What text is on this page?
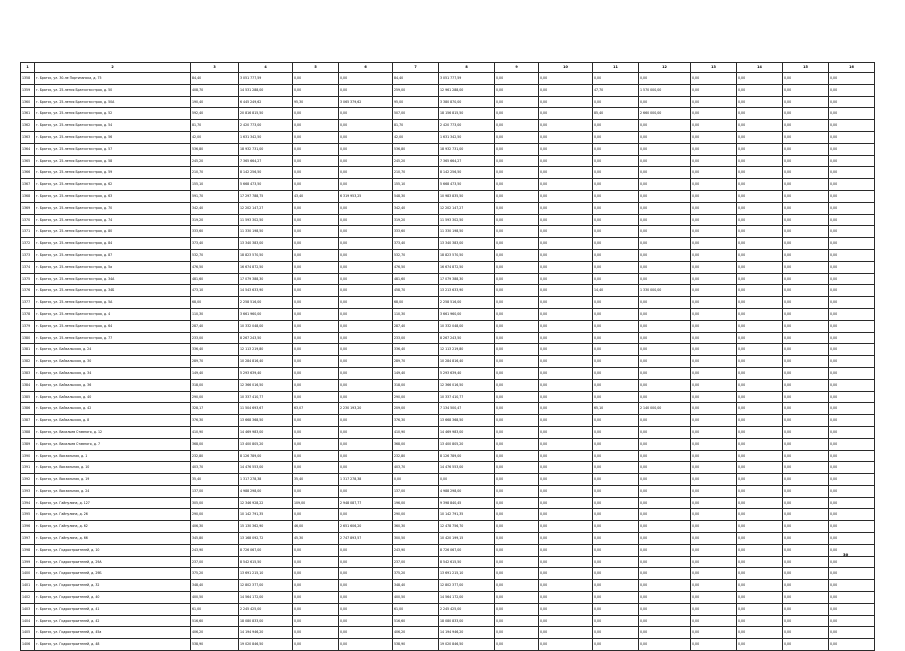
1	2	3	4	5	6	7	8	9	10	11	12	13	14	15	16
1358	г. Братск, ул. 30-ле Партизанска, д. 75	84,40	3 051 777,59	0,00	0,00	84,40	3 051 777,59	0,00	0,00	0,00	0,00	0,00	0,00	0,00	0,00
1359	г. Братск, ул. 25-летия Братскгэсстроя, д. 50	408,70	14 531 288,00	0,00	0,00	259,00	12 961 288,00	0,00	0,00	47,70	1 570 000,00	0,00	0,00	0,00	0,00
1360	г. Братск, ул. 25-летия Братскгэсстроя, д. 50А	190,40	6 445 249,62	95,30	3 065 379,62	95,00	3 380 870,00	0,00	0,00	0,00	0,00	0,00	0,00	0,00	0,00
1361	г. Братск, ул. 25-летия Братскгэсстроя, д. 52	592,40	20 816 815,50	0,00	0,00	507,00	18 156 815,50	0,00	0,00	85,40	2 660 000,00	0,00	0,00	0,00	0,00
1362	г. Братск, ул. 25-летия Братскгэсстроя, д. 54	81,70	2 420 773,00	0,00	0,00	81,70	2 420 773,00	0,00	0,00	0,00	0,00	0,00	0,00	0,00	0,00
1363	г. Братск, ул. 25-летия Братскгэсстроя, д. 56	42,00	1 631 342,50	0,00	0,00	42,00	1 631 342,50	0,00	0,00	0,00	0,00	0,00	0,00	0,00	0,00
1364	г. Братск, ул. 25-летия Братскгэсстроя, д. 57	536,80	18 932 731,00	0,00	0,00	536,80	18 932 731,00	0,00	0,00	0,00	0,00	0,00	0,00	0,00	0,00
1365	г. Братск, ул. 25-летия Братскгэсстроя, д. 58	245,20	7 365 664,27	0,00	0,00	245,20	7 365 664,27	0,00	0,00	0,00	0,00	0,00	0,00	0,00	0,00
1366	г. Братск, ул. 25-летия Братскгэсстроя, д. 59	210,70	8 142 256,50	0,00	0,00	210,70	8 142 256,50	0,00	0,00	0,00	0,00	0,00	0,00	0,00	0,00
1367	г. Братск, ул. 25-летия Братскгэсстроя, д. 62	155,10	5 668 473,50	0,00	0,00	155,10	5 668 473,50	0,00	0,00	0,00	0,00	0,00	0,00	0,00	0,00
1368	г. Братск, ул. 25-летия Братскгэсстроя, д. 63	591,70	17 297 788,75	43,40	6 319 953,25	548,30	10 983 835,50	0,00	0,00	0,00	0,00	0,00	0,00	0,00	0,00
1369	г. Братск, ул. 25-летия Братскгэсстроя, д. 70	342,40	12 202 147,27	0,00	0,00	342,40	12 202 147,27	0,00	0,00	0,00	0,00	0,00	0,00	0,00	0,00
1370	г. Братск, ул. 25-летия Братскгэсстроя, д. 74	319,20	11 593 302,50	0,00	0,00	319,20	11 593 302,50	0,00	0,00	0,00	0,00	0,00	0,00	0,00	0,00
1371	г. Братск, ул. 25-летия Братскгэсстроя, д. 80	333,60	11 330 198,50	0,00	0,00	333,60	11 330 198,50	0,00	0,00	0,00	0,00	0,00	0,00	0,00	0,00
1372	г. Братск, ул. 25-летия Братскгэсстроя, д. 84	373,40	13 340 383,00	0,00	0,00	373,40	13 340 383,00	0,00	0,00	0,00	0,00	0,00	0,00	0,00	0,00
1373	г. Братск, ул. 25-летия Братскгэсстроя, д. 87	532,70	18 823 570,50	0,00	0,00	532,70	18 823 570,50	0,00	0,00	0,00	0,00	0,00	0,00	0,00	0,00
1374	г. Братск, ул. 25-летия Братскгэсстроя, д. 5а	476,50	16 674 872,50	0,00	0,00	476,50	16 674 872,50	0,00	0,00	0,00	0,00	0,00	0,00	0,00	0,00
1375	г. Братск, ул. 25-летия Братскгэсстроя, д. 34А	481,60	17 079 388,30	0,00	0,00	481,60	17 079 388,30	0,00	0,00	0,00	0,00	0,00	0,00	0,00	0,00
1376	г. Братск, ул. 25-летия Братскгэсстроя, д. 34Б	473,10	14 543 633,90	0,00	0,00	458,70	13 213 633,90	0,00	0,00	14,40	1 330 000,00	0,00	0,00	0,00	0,00
1377	г. Братск, ул. 25-летия Братскгэсстроя, д. 5А	68,00	2 258 516,00	0,00	0,00	68,00	2 258 516,00	0,00	0,00	0,00	0,00	0,00	0,00	0,00	0,00
1378	г. Братск, ул. 25-летия Братскгэсстроя, д. 4	110,30	3 661 960,00	0,00	0,00	110,30	3 661 960,00	0,00	0,00	0,00	0,00	0,00	0,00	0,00	0,00
1379	г. Братск, ул. 25-летия Братскгэсстроя, д. 64	287,40	10 332 048,00	0,00	0,00	287,40	10 332 048,00	0,00	0,00	0,00	0,00	0,00	0,00	0,00	0,00
1380	г. Братск, ул. 25-летия Братскгэсстроя, д. 77	233,00	8 267 243,50	0,00	0,00	233,00	8 267 243,50	0,00	0,00	0,00	0,00	0,00	0,00	0,00	0,00
1381	г. Братск, ул. Байкальская, д. 24	336,40	12 113 219,80	0,00	0,00	336,40	12 113 219,80	0,00	0,00	0,00	0,00	0,00	0,00	0,00	0,00
1382	г. Братск, ул. Байкальская, д. 30	289,70	10 284 816,40	0,00	0,00	289,70	10 284 816,40	0,00	0,00	0,00	0,00	0,00	0,00	0,00	0,00
1383	г. Братск, ул. Байкальская, д. 34	149,40	5 293 639,40	0,00	0,00	149,40	5 293 639,40	0,00	0,00	0,00	0,00	0,00	0,00	0,00	0,00
1384	г. Братск, ул. Байкальская, д. 36	318,00	12 366 016,50	0,00	0,00	318,00	12 366 016,50	0,00	0,00	0,00	0,00	0,00	0,00	0,00	0,00
1385	г. Братск, ул. Байкальская, д. 40	290,00	10 337 410,77	0,00	0,00	290,00	10 337 410,77	0,00	0,00	0,00	0,00	0,00	0,00	0,00	0,00
1386	г. Братск, ул. Байкальская, д. 42	328,17	11 504 693,67	63,07	2 230 193,20	209,00	7 134 500,47	0,00	0,00	65,10	2 140 000,00	0,00	0,00	0,00	0,00
1387	г. Братск, ул. Байкальская, д. 8	376,30	13 668 368,50	0,00	0,00	376,30	13 668 368,50	0,00	0,00	0,00	0,00	0,00	0,00	0,00	0,00
1388	г. Братск, ул. Васильев Ставного, д. 12	410,90	14 469 983,00	0,00	0,00	410,90	14 469 983,00	0,00	0,00	0,00	0,00	0,00	0,00	0,00	0,00
1389	г. Братск, ул. Васильев Ставного, д. 7	368,00	13 400 805,20	0,00	0,00	368,00	13 400 805,20	0,00	0,00	0,00	0,00	0,00	0,00	0,00	0,00
1390	г. Братск, ул. Вокзальная, д. 1	232,80	8 126 789,00	0,00	0,00	232,80	8 126 789,00	0,00	0,00	0,00	0,00	0,00	0,00	0,00	0,00
1391	г. Братск, ул. Вокзальная, д. 10	403,70	14 476 553,00	0,00	0,00	403,70	14 476 553,00	0,00	0,00	0,00	0,00	0,00	0,00	0,00	0,00
1392	г. Братск, ул. Вокзальная, д. 19	35,40	1 317 278,38	35,40	1 317 278,38	0,00	0,00	0,00	0,00	0,00	0,00	0,00	0,00	0,00	0,00
1393	г. Братск, ул. Вокзальная, д. 24	137,00	4 988 298,00	0,00	0,00	137,00	4 988 298,00	0,00	0,00	0,00	0,00	0,00	0,00	0,00	0,00
1394	г. Братск, ул. Гайнулина, д. 127	305,00	12 346 928,22	109,00	2 948 087,77	196,00	9 398 840,45	0,00	0,00	0,00	0,00	0,00	0,00	0,00	0,00
1395	г. Братск, ул. Гайнулина, д. 26	290,00	10 142 791,35	0,00	0,00	290,00	10 142 791,35	0,00	0,00	0,00	0,00	0,00	0,00	0,00	0,00
1396	г. Братск, ул. Гайнулина, д. 62	406,30	15 130 362,90	46,00	2 651 606,20	360,30	12 478 756,70	0,00	0,00	0,00	0,00	0,00	0,00	0,00	0,00
1397	г. Братск, ул. Гайнулина, д. 66	345,80	13 168 092,72	45,30	2 747 893,57	300,50	10 420 199,15	0,00	0,00	0,00	0,00	0,00	0,00	0,00	0,00
1398	г. Братск, ул. Гидростроителей, д. 10	243,90	8 726 067,00	0,00	0,00	243,90	8 726 067,00	0,00	0,00	0,00	0,00	0,00	0,00	0,00	0,00
1399	г. Братск, ул. Гидростроителей, д. 29А	237,00	8 542 615,50	0,00	0,00	237,00	8 542 615,50	0,00	0,00	0,00	0,00	0,00	0,00	0,00	0,00
1400	г. Братск, ул. Гидростроителей, д. 29Б	375,20	13 691 215,10	0,00	0,00	375,20	13 691 215,10	0,00	0,00	0,00	0,00	0,00	0,00	0,00	0,00
1401	г. Братск, ул. Гидростроителей, д. 32	348,40	12 802 377,00	0,00	0,00	348,40	12 802 377,00	0,00	0,00	0,00	0,00	0,00	0,00	0,00	0,00
1402	г. Братск, ул. Гидростроителей, д. 40	400,50	14 564 172,00	0,00	0,00	400,50	14 564 172,00	0,00	0,00	0,00	0,00	0,00	0,00	0,00	0,00
1403	г. Братск, ул. Гидростроителей, д. 41	61,00	2 245 425,00	0,00	0,00	61,00	2 245 425,00	0,00	0,00	0,00	0,00	0,00	0,00	0,00	0,00
1404	г. Братск, ул. Гидростроителей, д. 42	516,60	18 080 833,00	0,00	0,00	516,60	18 080 833,00	0,00	0,00	0,00	0,00	0,00	0,00	0,00	0,00
1405	г. Братск, ул. Гидростроителей, д. 45а	406,20	14 194 946,20	0,00	0,00	406,20	14 194 946,20	0,00	0,00	0,00	0,00	0,00	0,00	0,00	0,00
1406	г. Братск, ул. Гидростроителей, д. 48	538,90	19 020 846,50	0,00	0,00	538,90	19 020 846,50	0,00	0,00	0,00	0,00	0,00	0,00	0,00	0,00
30
